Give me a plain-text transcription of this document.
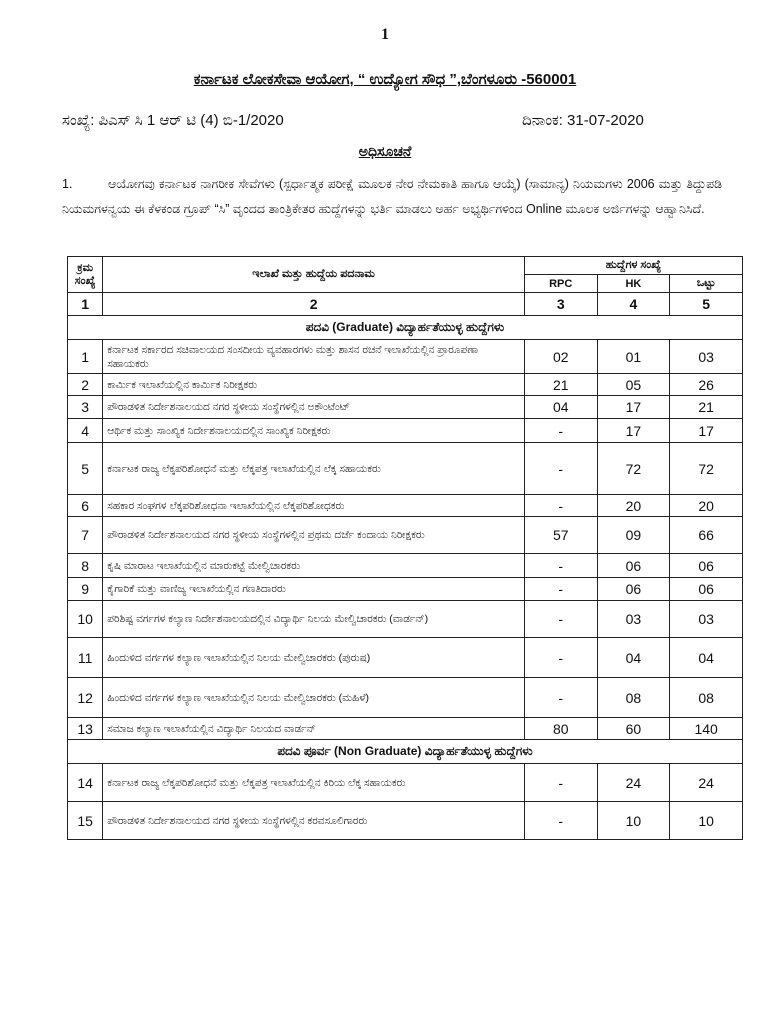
1
ಕರ್ನಾಟಕ ಲೋಕಸೇವಾ ಆಯೋಗ, “ ಉದ್ಯೋಗ ಸೌಧ ”,ಬೆಂಗಳೂರು -560001
ಸಂಖ್ಯೆ: ಪಿಎಸ್ ಸಿ 1 ಆರ್ ಟಿ (4) ಬಿ-1/2020	ದಿನಾಂಕ: 31-07-2020
ಅಧಿಸೂಚನೆ
1.	ಆಯೋಗವು ಕರ್ನಾಟಕ ನಾಗರೀಕ ಸೇವೆಗಳು (ಸ್ಪರ್ಧಾತ್ಮಕ ಪರೀಕ್ಷೆ ಮೂಲಕ ನೇರ ನೇಮಕಾತಿ ಹಾಗೂ ಆಯ್ಕೆ) (ಸಾಮಾನ್ಯ) ನಿಯಮಗಳು 2006 ಮತ್ತು ತಿದ್ದುಪಡಿ ನಿಯಮಗಳನ್ವಯ ಈ ಕೆಳಕಂಡ ಗ್ರೂಪ್ “ಸಿ” ವೃಂದದ ತಾಂತ್ರಿಕೇತರ ಹುದ್ದೆಗಳನ್ನು ಭರ್ತಿ ಮಾಡಲು ಅರ್ಹ ಅಭ್ಯರ್ಥಿಗಳಿಂದ Online ಮೂಲಕ ಅರ್ಜಿಗಳನ್ನು ಆಹ್ವಾನಿಸಿದೆ.
ಕ್ರಮ ಸಂಖ್ಯೆ	ಇಲಾಖೆ ಮತ್ತು ಹುದ್ದೆಯ ಪದನಾಮ	ಹುದ್ದೆಗಳ ಸಂಖ್ಯೆ		
		RPC	HK	ಒಟ್ಟು
1	2	3	4	5
ಪದವಿ (Graduate) ವಿದ್ಯಾರ್ಹತೆಯುಳ್ಳ ಹುದ್ದೆಗಳು				
1	ಕರ್ನಾಟಕ ಸರ್ಕಾರದ ಸಚಿವಾಲಯದ ಸಂಸದೀಯ ವ್ಯವಹಾರಗಳು ಮತ್ತು ಶಾಸನ ರಚನೆ ಇಲಾಖೆಯಲ್ಲಿನ ಪ್ರಾರೂಪಣಾ ಸಹಾಯಕರು	02	01	03
2	ಕಾರ್ಮಿಕ ಇಲಾಖೆಯಲ್ಲಿನ ಕಾರ್ಮಿಕ ನಿರೀಕ್ಷಕರು	21	05	26
3	ಪೌರಾಡಳಿತ ನಿರ್ದೇಶನಾಲಯದ ನಗರ ಸ್ಥಳೀಯ ಸಂಸ್ಥೆಗಳಲ್ಲಿನ ಅಕೌಂಟೆಂಟ್	04	17	21
4	ಆರ್ಥಿಕ ಮತ್ತು ಸಾಂಖ್ಯಿಕ ನಿರ್ದೇಶನಾಲಯದಲ್ಲಿನ ಸಾಂಖ್ಯಿಕ ನಿರೀಕ್ಷಕರು	-	17	17
5	ಕರ್ನಾಟಕ ರಾಜ್ಯ ಲೆಕ್ಕಪರಿಶೋಧನೆ ಮತ್ತು ಲೆಕ್ಕಪತ್ರ ಇಲಾಖೆಯಲ್ಲಿನ ಲೆಕ್ಕ ಸಹಾಯಕರು	-	72	72
6	ಸಹಕಾರ ಸಂಘಗಳ ಲೆಕ್ಕಪರಿಶೋಧನಾ ಇಲಾಖೆಯಲ್ಲಿನ ಲೆಕ್ಕಪರಿಶೋಧಕರು	-	20	20
7	ಪೌರಾಡಳಿತ ನಿರ್ದೇಶನಾಲಯದ ನಗರ ಸ್ಥಳೀಯ ಸಂಸ್ಥೆಗಳಲ್ಲಿನ ಪ್ರಥಮ ದರ್ಜೆ ಕಂದಾಯ ನಿರೀಕ್ಷಕರು	57	09	66
8	ಕೃಷಿ ಮಾರಾಟ ಇಲಾಖೆಯಲ್ಲಿನ ಮಾರುಕಟ್ಟೆ ಮೇಲ್ವಿಚಾರಕರು	-	06	06
9	ಕೈಗಾರಿಕೆ ಮತ್ತು ವಾಣಿಜ್ಯ ಇಲಾಖೆಯಲ್ಲಿನ ಗಣತಿದಾರರು	-	06	06
10	ಪರಿಶಿಷ್ಟ ವರ್ಗಗಳ ಕಲ್ಯಾಣ ನಿರ್ದೇಶನಾಲಯದಲ್ಲಿನ ವಿದ್ಯಾರ್ಥಿ ನಿಲಯ ಮೇಲ್ವಿಚಾರಕರು (ವಾರ್ಡನ್)	-	03	03
11	ಹಿಂದುಳಿದ ವರ್ಗಗಳ ಕಲ್ಯಾಣ ಇಲಾಖೆಯಲ್ಲಿನ ನಿಲಯ ಮೇಲ್ವಿಚಾರಕರು (ಪುರುಷ)	-	04	04
12	ಹಿಂದುಳಿದ ವರ್ಗಗಳ ಕಲ್ಯಾಣ ಇಲಾಖೆಯಲ್ಲಿನ ನಿಲಯ ಮೇಲ್ವಿಚಾರಕರು (ಮಹಿಳೆ)	-	08	08
13	ಸಮಾಜ ಕಲ್ಯಾಣ ಇಲಾಖೆಯಲ್ಲಿನ ವಿದ್ಯಾರ್ಥಿ ನಿಲಯದ ವಾರ್ಡನ್	80	60	140
ಪದವಿ ಪೂರ್ವ (Non Graduate) ವಿದ್ಯಾರ್ಹತೆಯುಳ್ಳ ಹುದ್ದೆಗಳು				
14	ಕರ್ನಾಟಕ ರಾಜ್ಯ ಲೆಕ್ಕಪರಿಶೋಧನೆ ಮತ್ತು ಲೆಕ್ಕಪತ್ರ ಇಲಾಖೆಯಲ್ಲಿನ ಕಿರಿಯ ಲೆಕ್ಕ ಸಹಾಯಕರು	-	24	24
15	ಪೌರಾಡಳಿತ ನಿರ್ದೇಶನಾಲಯದ ನಗರ ಸ್ಥಳೀಯ ಸಂಸ್ಥೆಗಳಲ್ಲಿನ ಕರವಸೂಲಿಗಾರರು	-	10	10
